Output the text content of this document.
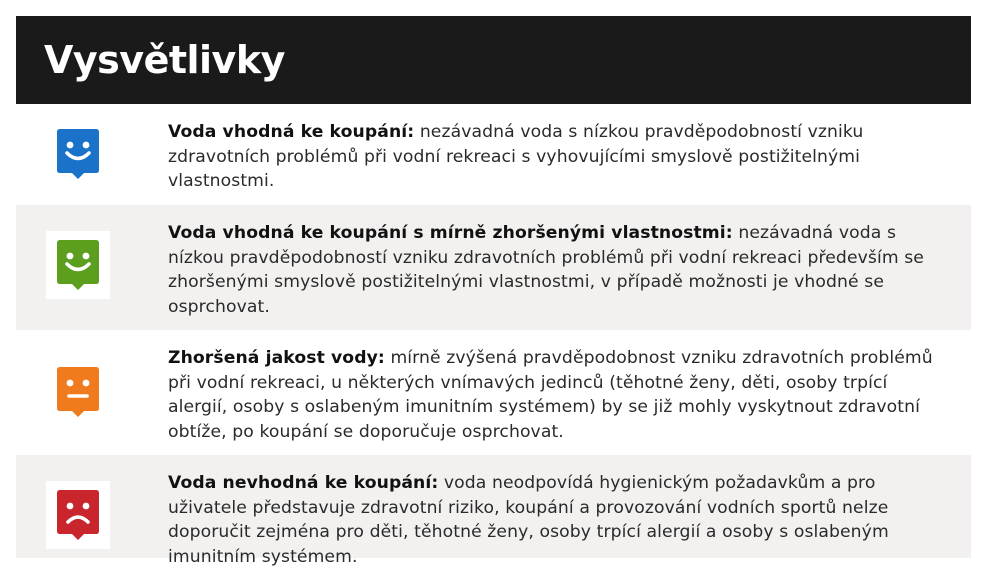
Vysvětlivky
Voda vhodná ke koupání: nezávadná voda s nízkou pravděpodobností vzniku zdravotních problémů při vodní rekreaci s vyhovujícími smyslově postižitelnými vlastnostmi.
Voda vhodná ke koupání s mírně zhoršenými vlastnostmi: nezávadná voda s nízkou pravděpodobností vzniku zdravotních problémů při vodní rekreaci především se zhoršenými smyslově postižitelnými vlastnostmi, v případě možnosti je vhodné se osprchovat.
Zhoršená jakost vody: mírně zvýšená pravděpodobnost vzniku zdravotních problémů při vodní rekreaci, u některých vnímavých jedinců (těhotné ženy, děti, osoby trpící alergií, osoby s oslabeným imunitním systémem) by se již mohly vyskytnout zdravotní obtíže, po koupání se doporučuje osprchovat.
Voda nevhodná ke koupání: voda neodpovídá hygienickým požadavkům a pro uživatele představuje zdravotní riziko, koupání a provozování vodních sportů nelze doporučit zejména pro děti, těhotné ženy, osoby trpící alergií a osoby s oslabeným imunitním systémem.
